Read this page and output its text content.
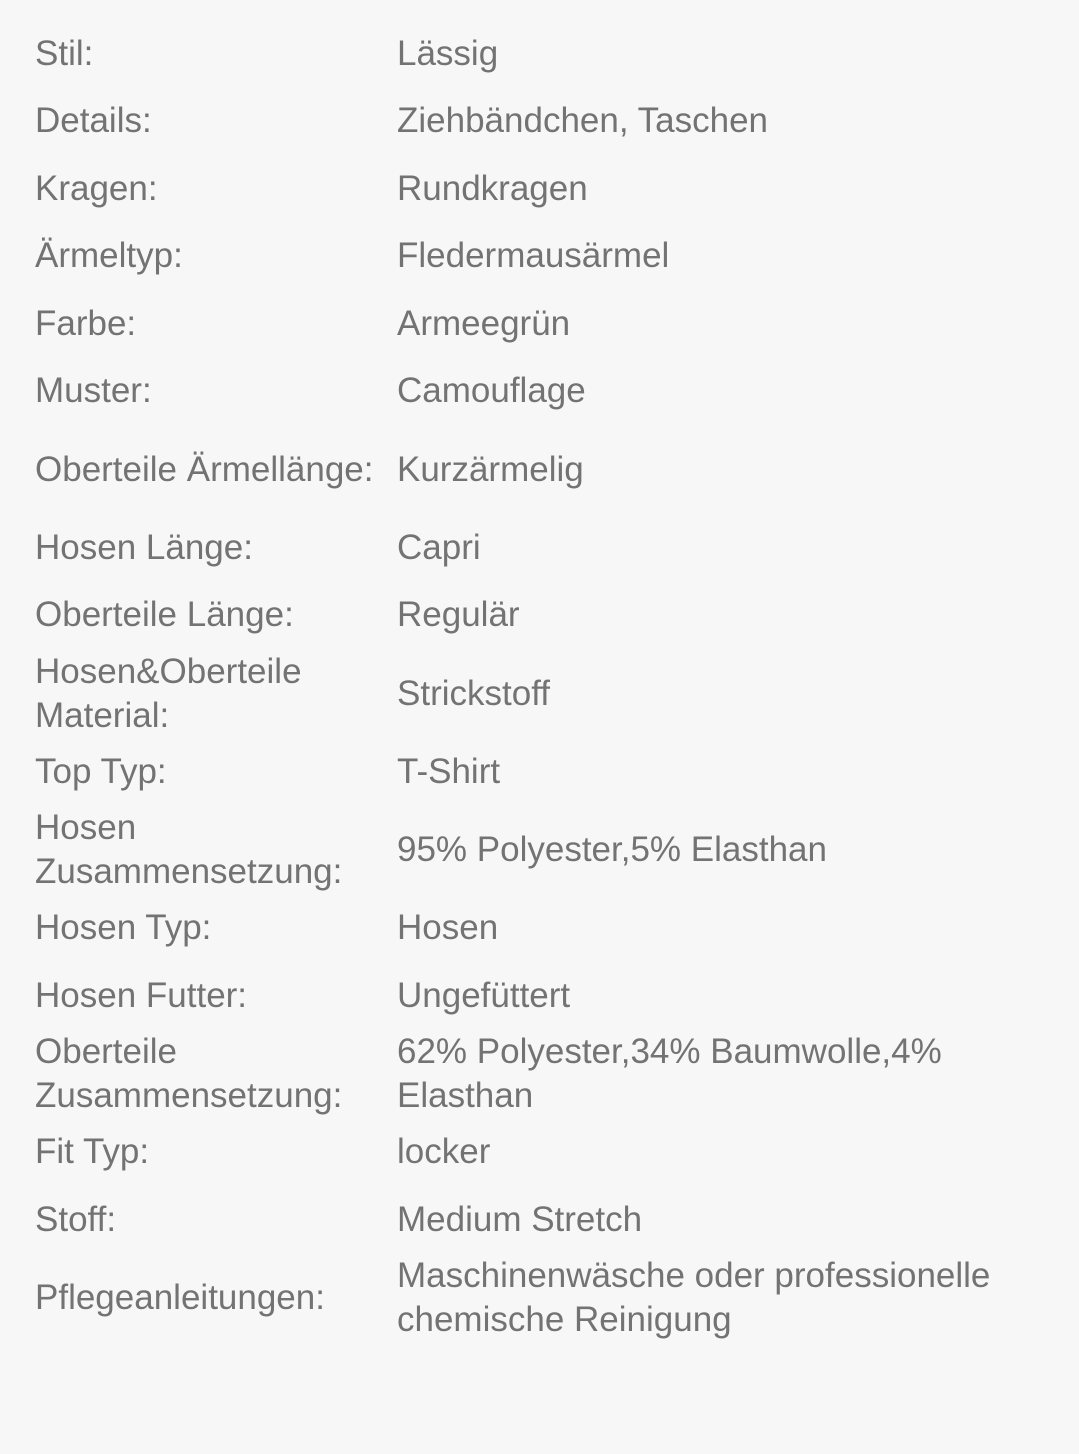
Stil:	Lässig
Details:	Ziehbändchen, Taschen
Kragen:	Rundkragen
Ärmeltyp:	Fledermausärmel
Farbe:	Armeegrün
Muster:	Camouflage
Oberteile Ärmellänge: Kurzärmelig
Hosen Länge:	Capri
Oberteile Länge:	Regulär
Hosen&Oberteile Material:
Strickstoff
Top Typ:	T-Shirt
Hosen Zusammensetzung:
95% Polyester,5% Elasthan
Hosen Typ:	Hosen
Hosen Futter:	Ungefüttert
Oberteile Zusammensetzung:
62% Polyester,34% Baumwolle,4% Elasthan
Fit Typ:	locker
Stoff:	Medium Stretch
Pflegeanleitungen:
Maschinenwäsche oder professionelle chemische Reinigung
